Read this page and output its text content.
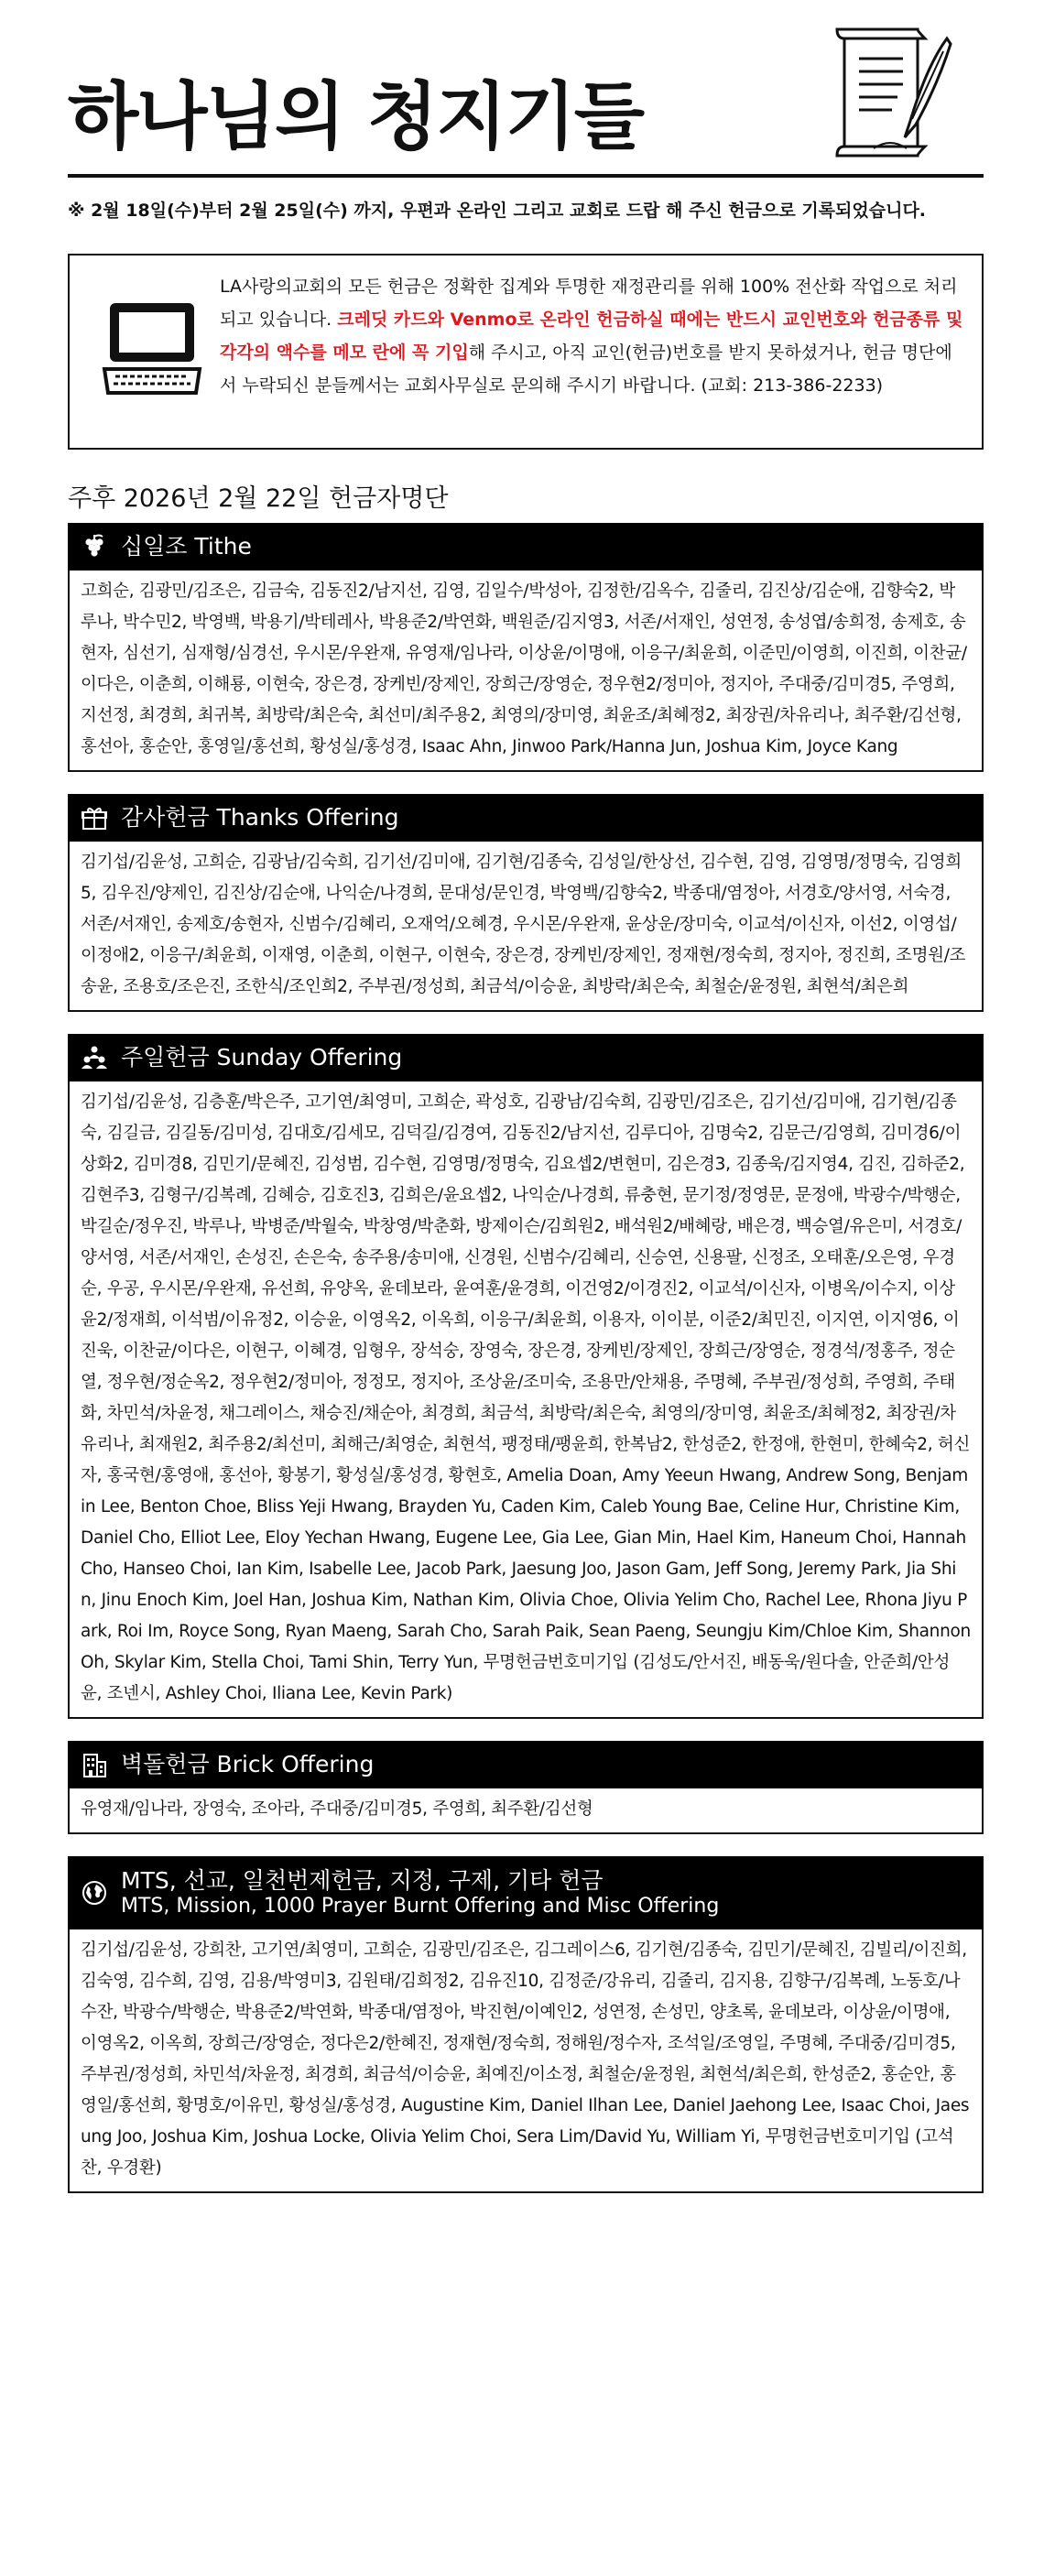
하나님의 청지기들

※ 2월 18일(수)부터 2월 25일(수) 까지, 우편과 온라인 그리고 교회로 드랍 해 주신 헌금으로 기록되었습니다.

LA사랑의교회의 모든 헌금은 정확한 집계와 투명한 재정관리를 위해 100% 전산화 작업으로 처리되고 있습니다. 크레딧 카드와 Venmo로 온라인 헌금하실 때에는 반드시 교인번호와 헌금종류 및 각각의 액수를 메모 란에 꼭 기입해 주시고, 아직 교인(헌금)번호를 받지 못하셨거나, 헌금 명단에서 누락되신 분들께서는 교회사무실로 문의해 주시기 바랍니다. (교회: 213-386-2233)
주후 2026년 2월 22일 헌금자명단
십일조 Tithe
고희순, 김광민/김조은, 김금숙, 김동진2/남지선, 김영, 김일수/박성아, 김정한/김옥수, 김줄리, 김진상/김순애, 김향숙2, 박루나, 박수민2, 박영백, 박용기/박테레사, 박용준2/박연화, 백원준/김지영3, 서존/서재인, 성연정, 송성엽/송희정, 송제호, 송현자, 심선기, 심재형/심경선, 우시몬/우완재, 유영재/임나라, 이상윤/이명애, 이응구/최윤희, 이준민/이영희, 이진희, 이찬균/이다은, 이춘희, 이해룡, 이현숙, 장은경, 장케빈/장제인, 장희근/장영순, 정우현2/정미아, 정지아, 주대중/김미경5, 주영희, 지선정, 최경희, 최귀복, 최방락/최은숙, 최선미/최주용2, 최영의/장미영, 최윤조/최혜정2, 최장권/차유리나, 최주환/김선형, 홍선아, 홍순안, 홍영일/홍선희, 황성실/홍성경, Isaac Ahn, Jinwoo Park/Hanna Jun, Joshua Kim, Joyce Kang
감사헌금 Thanks Offering
김기섭/김윤성, 고희순, 김광남/김숙희, 김기선/김미애, 김기현/김종숙, 김성일/한상선, 김수현, 김영, 김영명/정명숙, 김영희5, 김우진/양제인, 김진상/김순애, 나익순/나경희, 문대성/문인경, 박영백/김향숙2, 박종대/염정아, 서경호/양서영, 서숙경, 서존/서재인, 송제호/송현자, 신범수/김혜리, 오재억/오혜경, 우시몬/우완재, 윤상운/장미숙, 이교석/이신자, 이선2, 이영섭/이정애2, 이응구/최윤희, 이재영, 이춘희, 이현구, 이현숙, 장은경, 장케빈/장제인, 정재현/정숙희, 정지아, 정진희, 조명원/조송윤, 조용호/조은진, 조한식/조인희2, 주부권/정성희, 최금석/이승윤, 최방락/최은숙, 최철순/윤정원, 최현석/최은희
주일헌금 Sunday Offering
김기섭/김윤성, 김층훈/박은주, 고기연/최영미, 고희순, 곽성호, 김광남/김숙희, 김광민/김조은, 김기선/김미애, 김기현/김종숙, 김길금, 김길동/김미성, 김대호/김세모, 김덕길/김경여, 김동진2/남지선, 김루디아, 김명숙2, 김문근/김영희, 김미경6/이상화2, 김미경8, 김민기/문혜진, 김성범, 김수현, 김영명/정명숙, 김요셉2/변현미, 김은경3, 김종욱/김지영4, 김진, 김하준2, 김현주3, 김형구/김복례, 김혜승, 김호진3, 김희은/윤요셉2, 나익순/나경희, 류충현, 문기정/정영문, 문정애, 박광수/박행순, 박길순/정우진, 박루나, 박병준/박월숙, 박창영/박춘화, 방제이슨/김희원2, 배석원2/배혜랑, 배은경, 백승열/유은미, 서경호/양서영, 서존/서재인, 손성진, 손은숙, 송주용/송미애, 신경원, 신범수/김혜리, 신승연, 신용팔, 신정조, 오태훈/오은영, 우경순, 우공, 우시몬/우완재, 유선희, 유양옥, 윤데보라, 윤여훈/윤경희, 이건영2/이경진2, 이교석/이신자, 이병옥/이수지, 이상윤2/정재희, 이석범/이유정2, 이승윤, 이영옥2, 이옥희, 이응구/최윤희, 이용자, 이이분, 이준2/최민진, 이지연, 이지영6, 이진욱, 이찬균/이다은, 이현구, 이혜경, 임형우, 장석숭, 장영숙, 장은경, 장케빈/장제인, 장희근/장영순, 정경석/정홍주, 정순열, 정우현/정순옥2, 정우현2/정미아, 정정모, 정지아, 조상윤/조미숙, 조용만/안채용, 주명혜, 주부권/정성희, 주영희, 주태화, 차민석/차윤정, 채그레이스, 채승진/채순아, 최경희, 최금석, 최방락/최은숙, 최영의/장미영, 최윤조/최혜정2, 최장권/차유리나, 최재원2, 최주용2/최선미, 최해근/최영순, 최현석, 팽정태/팽윤희, 한복남2, 한성준2, 한정애, 한현미, 한혜숙2, 허신자, 홍국현/홍영애, 홍선아, 황봉기, 황성실/홍성경, 황현호, Amelia Doan, Amy Yeeun Hwang, Andrew Song, Benjamin Lee, Benton Choe, Bliss Yeji Hwang, Brayden Yu, Caden Kim, Caleb Young Bae, Celine Hur, Christine Kim, Daniel Cho, Elliot Lee, Eloy Yechan Hwang, Eugene Lee, Gia Lee, Gian Min, Hael Kim, Haneum Choi, Hannah Cho, Hanseo Choi, Ian Kim, Isabelle Lee, Jacob Park, Jaesung Joo, Jason Gam, Jeff Song, Jeremy Park, Jia Shin, Jinu Enoch Kim, Joel Han, Joshua Kim, Nathan Kim, Olivia Choe, Olivia Yelim Cho, Rachel Lee, Rhona Jiyu Park, Roi Im, Royce Song, Ryan Maeng, Sarah Cho, Sarah Paik, Sean Paeng, Seungju Kim/Chloe Kim, Shannon Oh, Skylar Kim, Stella Choi, Tami Shin, Terry Yun, 무명헌금번호미기입 (김성도/안서진, 배동욱/원다솔, 안준희/안성윤, 조넨시, Ashley Choi, Iliana Lee, Kevin Park)
벽돌헌금 Brick Offering
유영재/임나라, 장영숙, 조아라, 주대중/김미경5, 주영희, 최주환/김선형
MTS, 선교, 일천번제헌금, 지정, 구제, 기타 헌금
MTS, Mission, 1000 Prayer Burnt Offering and Misc Offering
김기섭/김윤성, 강희찬, 고기연/최영미, 고희순, 김광민/김조은, 김그레이스6, 김기현/김종숙, 김민기/문혜진, 김빌리/이진희, 김숙영, 김수희, 김영, 김용/박영미3, 김원태/김희정2, 김유진10, 김정준/강유리, 김줄리, 김지용, 김향구/김복례, 노동호/나수잔, 박광수/박행순, 박용준2/박연화, 박종대/염정아, 박진현/이예인2, 성연정, 손성민, 양초록, 윤데보라, 이상윤/이명애, 이영옥2, 이옥희, 장희근/장영순, 정다은2/한혜진, 정재현/정숙희, 정해원/정수자, 조석일/조영일, 주명혜, 주대중/김미경5, 주부권/정성희, 차민석/차윤정, 최경희, 최금석/이승윤, 최예진/이소정, 최철순/윤정원, 최현석/최은희, 한성준2, 홍순안, 홍영일/홍선희, 황명호/이유민, 황성실/홍성경, Augustine Kim, Daniel Ilhan Lee, Daniel Jaehong Lee, Isaac Choi, Jaesung Joo, Joshua Kim, Joshua Locke, Olivia Yelim Choi, Sera Lim/David Yu, William Yi, 무명헌금번호미기입 (고석찬, 우경환)
